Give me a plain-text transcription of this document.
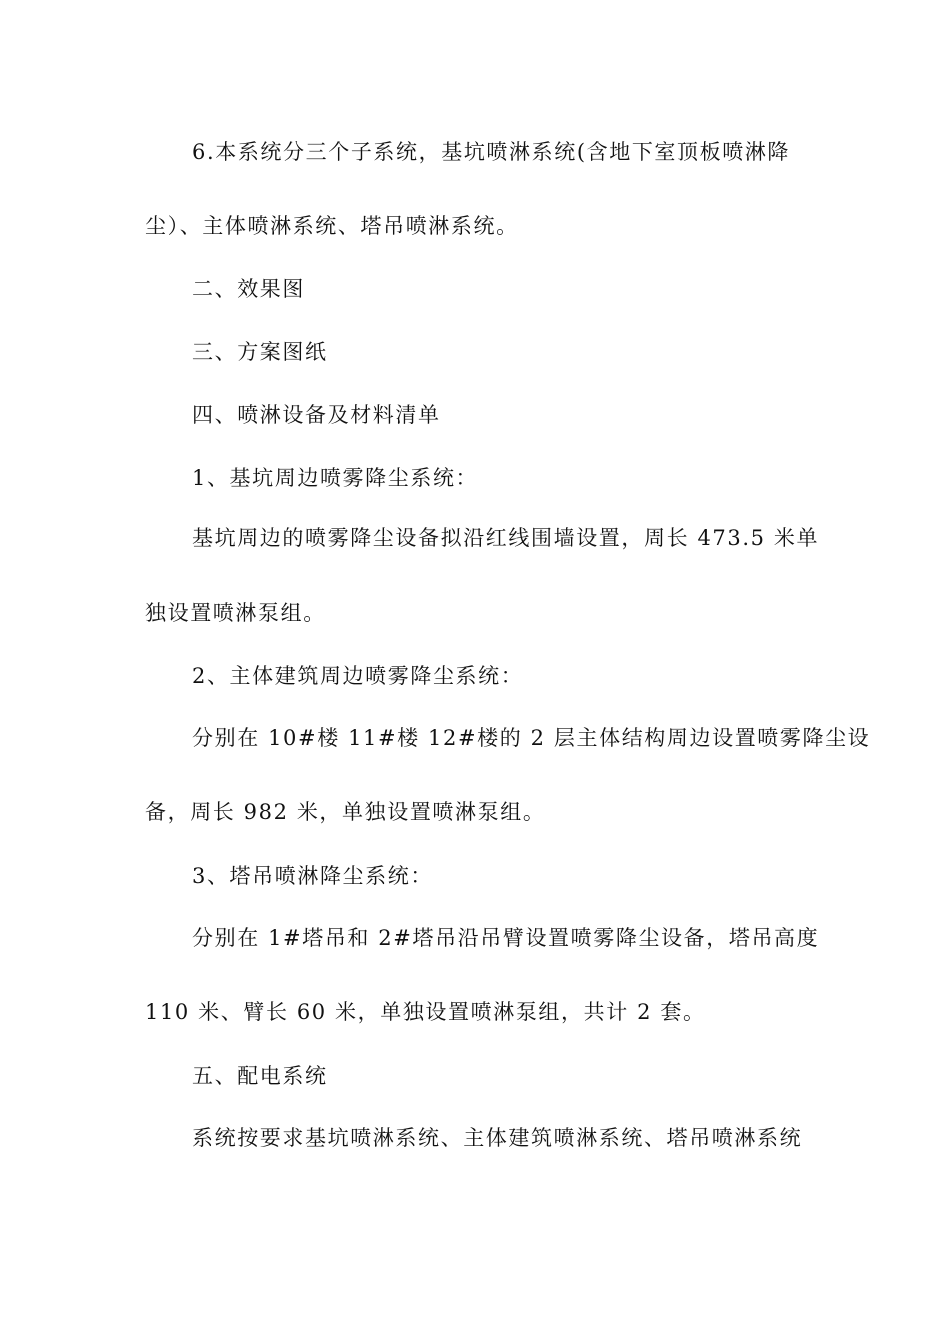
6.本系统分三个子系统，基坑喷淋系统(含地下室顶板喷淋降
尘）、主体喷淋系统、塔吊喷淋系统。
二、效果图
三、方案图纸
四、喷淋设备及材料清单
1、基坑周边喷雾降尘系统：
基坑周边的喷雾降尘设备拟沿红线围墙设置，周长 473.5 米单
独设置喷淋泵组。
2、主体建筑周边喷雾降尘系统：
分别在 10#楼 11#楼 12#楼的 2 层主体结构周边设置喷雾降尘设
备，周长 982 米，单独设置喷淋泵组。
3、塔吊喷淋降尘系统：
分别在 1#塔吊和 2#塔吊沿吊臂设置喷雾降尘设备，塔吊高度
110 米、臂长 60 米，单独设置喷淋泵组，共计 2 套。
五、配电系统
系统按要求基坑喷淋系统、主体建筑喷淋系统、塔吊喷淋系统
